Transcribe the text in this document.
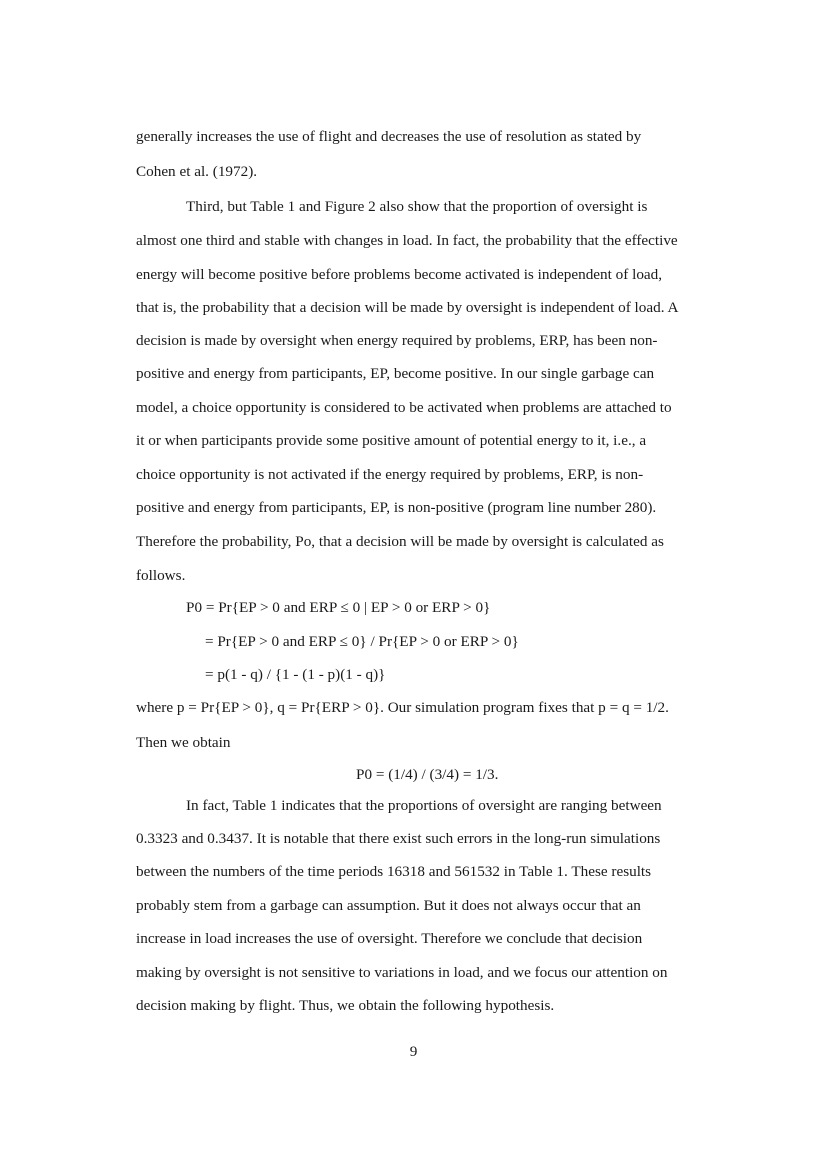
generally increases the use of flight and decreases the use of resolution as stated by
Cohen et al. (1972).
Third, but Table 1 and Figure 2 also show that the proportion of oversight is
almost one third and stable with changes in load. In fact, the probability that the effective
energy will become positive before problems become activated is independent of load,
that is, the probability that a decision will be made by oversight is independent of load. A
decision is made by oversight when energy required by problems, ERP, has been non-
positive and energy from participants, EP, become positive. In our single garbage can
model, a choice opportunity is considered to be activated when problems are attached to
it or when participants provide some positive amount of potential energy to it, i.e., a
choice opportunity is not activated if the energy required by problems, ERP, is non-
positive and energy from participants, EP, is non-positive (program line number 280).
Therefore the probability, Po, that a decision will be made by oversight is calculated as
follows.
P0 = Pr{EP > 0 and ERP ≤ 0 | EP > 0 or ERP > 0}
= Pr{EP > 0 and ERP ≤ 0} / Pr{EP > 0 or ERP > 0}
= p(1 - q) / {1 - (1 - p)(1 - q)}
where p = Pr{EP > 0}, q = Pr{ERP > 0}. Our simulation program fixes that p = q = 1/2.
Then we obtain
P0 = (1/4) / (3/4) = 1/3.
In fact, Table 1 indicates that the proportions of oversight are ranging between
0.3323 and 0.3437. It is notable that there exist such errors in the long-run simulations
between the numbers of the time periods 16318 and 561532 in Table 1. These results
probably stem from a garbage can assumption. But it does not always occur that an
increase in load increases the use of oversight. Therefore we conclude that decision
making by oversight is not sensitive to variations in load, and we focus our attention on
decision making by flight. Thus, we obtain the following hypothesis.
9
